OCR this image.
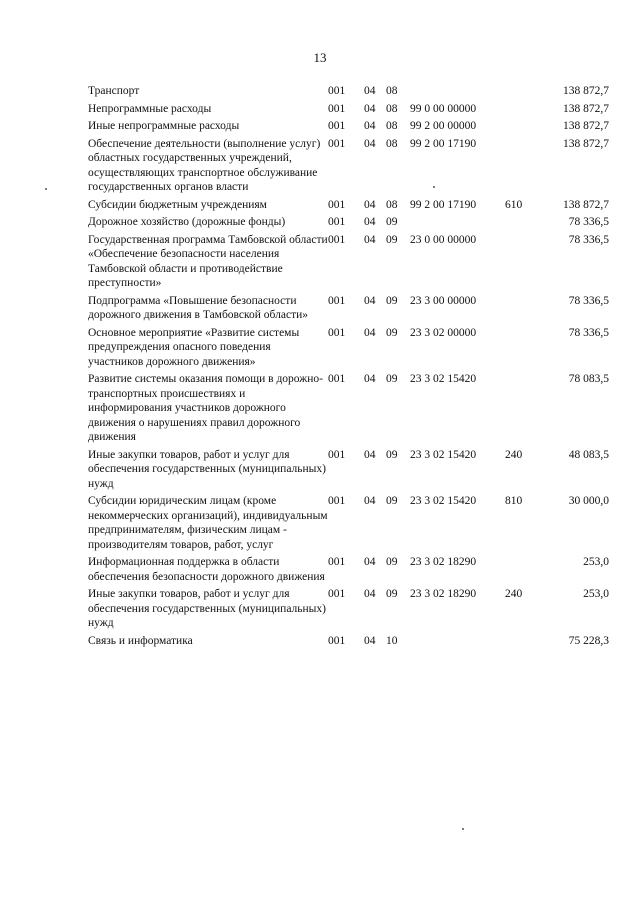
13
Транспорт	001	04	08			138 872,7
Непрограммные расходы	001	04	08	99 0 00 00000		138 872,7
Иные непрограммные расходы	001	04	08	99 2 00 00000		138 872,7
Обеспечение деятельности (выполнение услуг) областных государственных учреждений, осуществляющих транспортное обслуживание государственных органов власти	001	04	08	99 2 00 17190		138 872,7
Субсидии бюджетным учреждениям	001	04	08	99 2 00 17190	610	138 872,7
Дорожное хозяйство (дорожные фонды)	001	04	09			78 336,5
Государственная программа Тамбовской области «Обеспечение безопасности населения Тамбовской области и противодействие преступности»	001	04	09	23 0 00 00000		78 336,5
Подпрограмма «Повышение безопасности дорожного движения в Тамбовской области»	001	04	09	23 3 00 00000		78 336,5
Основное мероприятие «Развитие системы предупреждения опасного поведения участников дорожного движения»	001	04	09	23 3 02 00000		78 336,5
Развитие системы оказания помощи в дорожно-транспортных происшествиях и информирования участников дорожного движения о нарушениях правил дорожного движения	001	04	09	23 3 02 15420		78 083,5
Иные закупки товаров, работ и услуг для обеспечения государственных (муниципальных) нужд	001	04	09	23 3 02 15420	240	48 083,5
Субсидии юридическим лицам (кроме некоммерческих организаций), индивидуальным предпринимателям, физическим лицам - производителям товаров, работ, услуг	001	04	09	23 3 02 15420	810	30 000,0
Информационная поддержка в области обеспечения безопасности дорожного движения	001	04	09	23 3 02 18290		253,0
Иные закупки товаров, работ и услуг для обеспечения государственных (муниципальных) нужд	001	04	09	23 3 02 18290	240	253,0
Связь и информатика	001	04	10			75 228,3
